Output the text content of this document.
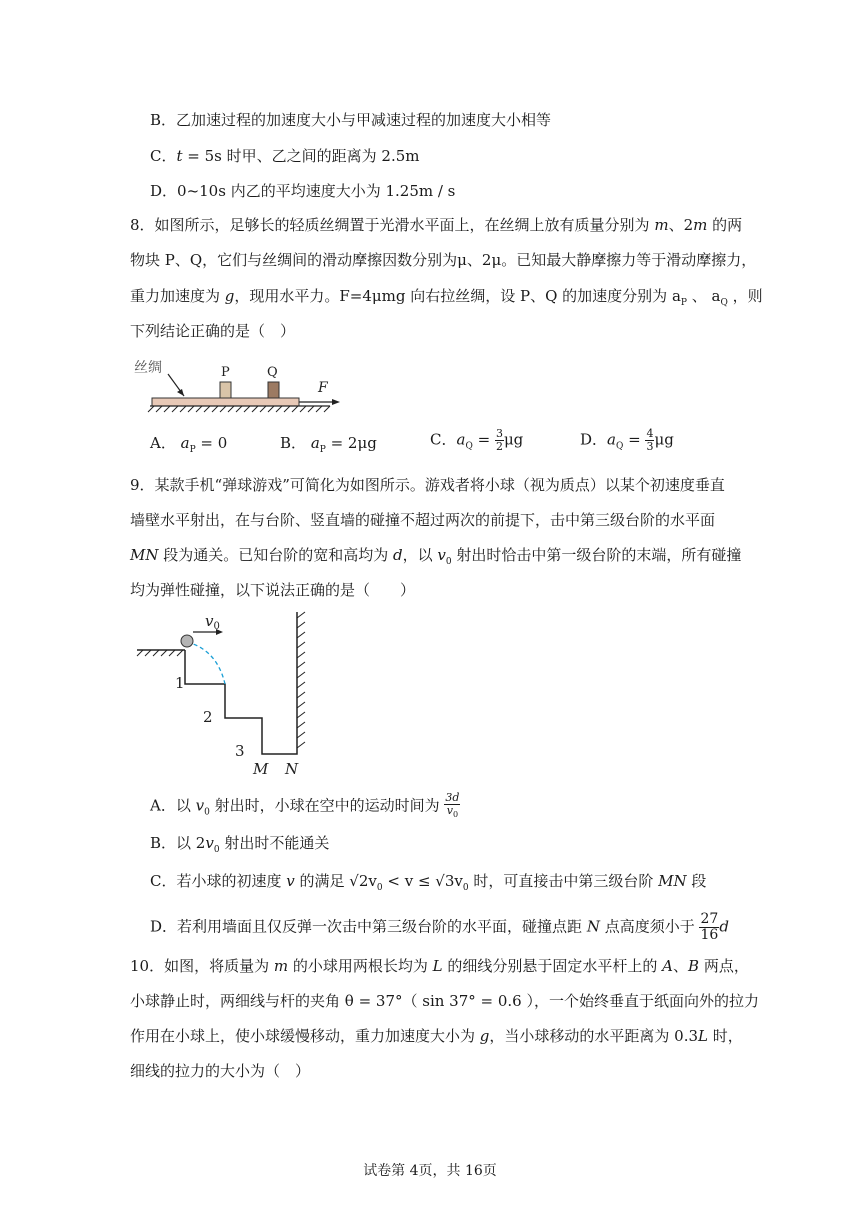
B．乙加速过程的加速度大小与甲减速过程的加速度大小相等
C．t = 5s 时甲、乙之间的距离为 2.5m
D．0~10s 内乙的平均速度大小为 1.25m / s
8．如图所示，足够长的轻质丝绸置于光滑水平面上，在丝绸上放有质量分别为 m、2m 的两
物块 P、Q，它们与丝绸间的滑动摩擦因数分别为μ、2μ。已知最大静摩擦力等于滑动摩擦力，
重力加速度为 g，现用水平力。F=4μmg 向右拉丝绸，设 P、Q 的加速度分别为 $a_P$ 、 $a_Q$ ，则
下列结论正确的是（　）
丝绸	P	Q
F
A． $a_P = 0$	B． $a_P = 2\mu g$	C．$a_Q = \frac{3}{2}$ μg	D．$a_Q = \frac{4}{3}$ μg
9．某款手机“弹球游戏”可简化为如图所示。游戏者将小球（视为质点）以某个初速度垂直
墙壁水平射出，在与台阶、竖直墙的碰撞不超过两次的前提下，击中第三级台阶的水平面
MN 段为通关。已知台阶的宽和高均为 d，以 $v_0$ 射出时恰击中第一级台阶的末端，所有碰撞
均为弹性碰撞，以下说法正确的是（　　）
$v_0$
1
2
3
M N
A．以 $v_0$ 射出时，小球在空中的运动时间为 $\frac{3d}{v_0}$
B．以 $2v_0$ 射出时不能通关
C．若小球的初速度 v 的满足 $√2v_0 < v \le √3v_0$ 时，可直接击中第三级台阶 MN 段
D．若利用墙面且仅反弹一次击中第三级台阶的水平面，碰撞点距 N 点高度须小于 $\frac{27}{16}$ d
10．如图，将质量为 m 的小球用两根长均为 L 的细线分别悬于固定水平杆上的 A、B 两点，
小球静止时，两细线与杆的夹角 θ = 37°（ sin 37° = 0.6 ），一个始终垂直于纸面向外的拉力
作用在小球上，使小球缓慢移动，重力加速度大小为 g，当小球移动的水平距离为 0.3L 时，
细线的拉力的大小为（　）
试卷第 4页，共 16页
